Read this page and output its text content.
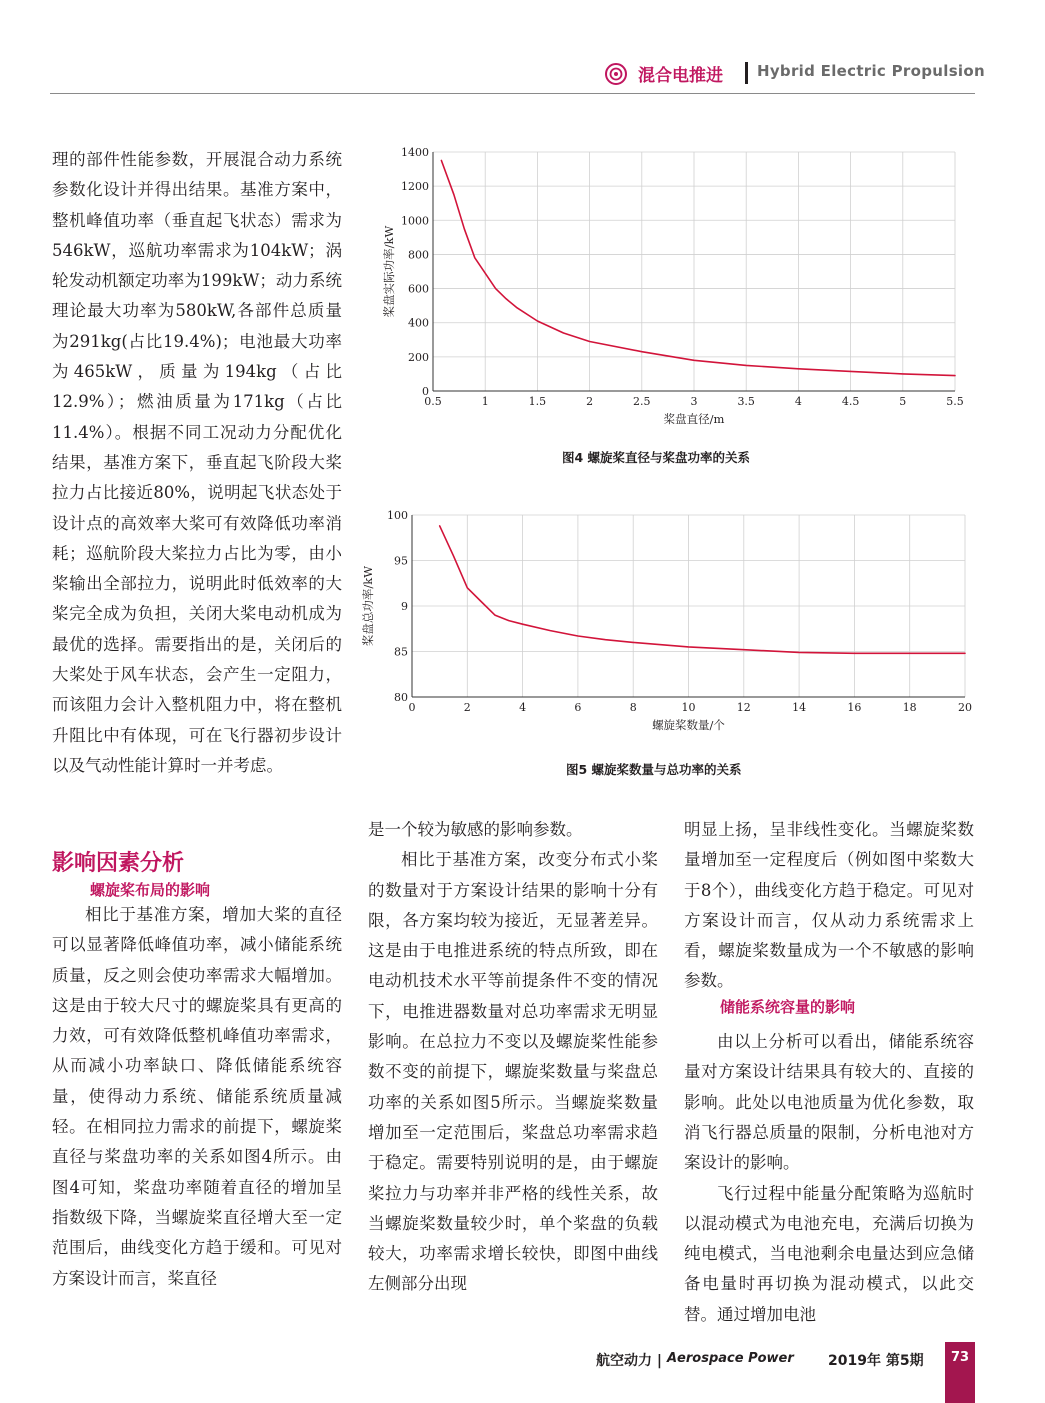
混合电推进 Hybrid Electric Propulsion

理的部件性能参数，开展混合动力系统参数化设计并得出结果。基准方案中，整机峰值功率（垂直起飞状态）需求为546kW，巡航功率需求为104kW；涡轮发动机额定功率为199kW；动力系统理论最大功率为580kW,各部件总质量为291kg(占比19.4%)；电池最大功率为465kW，质量为194kg（占比12.9%）；燃油质量为171kg（占比11.4%）。根据不同工况动力分配优化结果，基准方案下，垂直起飞阶段大桨拉力占比接近80%，说明起飞状态处于设计点的高效率大桨可有效降低功率消耗；巡航阶段大桨拉力占比为零，由小桨输出全部拉力，说明此时低效率的大桨完全成为负担，关闭大桨电动机成为最优的选择。需要指出的是，关闭后的大桨处于风车状态，会产生一定阻力，而该阻力会计入整机阻力中，将在整机升阻比中有体现，可在飞行器初步设计以及气动性能计算时一并考虑。

影响因素分析
螺旋桨布局的影响

相比于基准方案，增加大桨的直径可以显著降低峰值功率，减小储能系统质量，反之则会使功率需求大幅增加。这是由于较大尺寸的螺旋桨具有更高的力效，可有效降低整机峰值功率需求，从而减小功率缺口、降低储能系统容量，使得动力系统、储能系统质量减轻。在相同拉力需求的前提下，螺旋桨直径与桨盘功率的关系如图4所示。由图4可知，桨盘功率随着直径的增加呈指数级下降，当螺旋桨直径增大至一定范围后，曲线变化方趋于缓和。可见对方案设计而言，桨直径

是一个较为敏感的影响参数。

相比于基准方案，改变分布式小桨的数量对于方案设计结果的影响十分有限，各方案均较为接近，无显著差异。这是由于电推进系统的特点所致，即在电动机技术水平等前提条件不变的情况下，电推进器数量对总功率需求无明显影响。在总拉力不变以及螺旋桨性能参数不变的前提下，螺旋桨数量与桨盘总功率的关系如图5所示。当螺旋桨数量增加至一定范围后，桨盘总功率需求趋于稳定。需要特别说明的是，由于螺旋桨拉力与功率并非严格的线性关系，故当螺旋桨数量较少时，单个桨盘的负载较大，功率需求增长较快，即图中曲线左侧部分出现

明显上扬，呈非线性变化。当螺旋桨数量增加至一定程度后（例如图中桨数大于8个），曲线变化方趋于稳定。可见对方案设计而言，仅从动力系统需求上看，螺旋桨数量成为一个不敏感的影响参数。

由以上分析可以看出，储能系统容量对方案设计结果具有较大的、直接的影响。此处以电池质量为优化参数，取消飞行器总质量的限制，分析电池对方案设计的影响。

飞行过程中能量分配策略为巡航时以混动模式为电池充电，充满后切换为纯电模式，当电池剩余电量达到应急储备电量时再切换为混动模式，以此交替。通过增加电池

储能系统容量的影响
0.5	1	1.5	2	2.5	3	3.5	4	4.5	5	5.5
0
200
400
600
800
1000
1200
1400
桨盘直径/m
桨盘实际功率/kW
图4 螺旋桨直径与桨盘功率的关系
0	2	4	6	8	10	12	14	16	18	20
80
85
9
95
100
螺旋桨数量/个
桨盘总功率/kW
图5 螺旋桨数量与总功率的关系
航空动力 | Aerospace Power 2019年 第5期	73
